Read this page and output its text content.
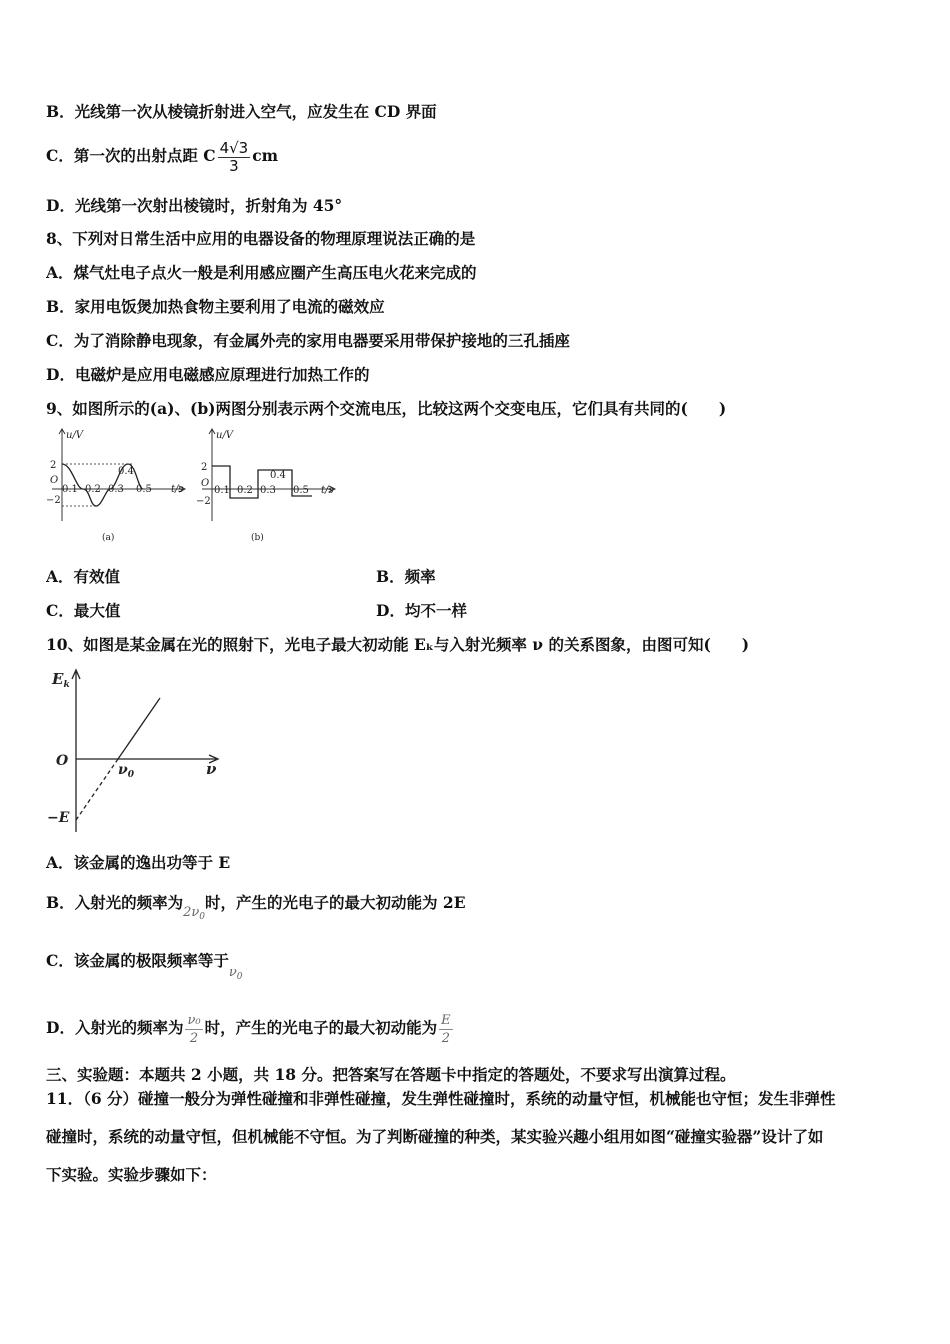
B．光线第一次从棱镜折射进入空气，应发生在 CD 界面
C．第一次的出射点距 C $\frac{4√3}{3}$ cm
D．光线第一次射出棱镜时，折射角为 45°
8、下列对日常生活中应用的电器设备的物理原理说法正确的是
A．煤气灶电子点火一般是利用感应圈产生高压电火花来完成的
B．家用电饭煲加热食物主要利用了电流的磁效应
C．为了消除静电现象，有金属外壳的家用电器要采用带保护接地的三孔插座
D．电磁炉是应用电磁感应原理进行加热工作的
9、如图所示的(a)、(b)两图分别表示两个交流电压，比较这两个交变电压，它们具有共同的(　　)
u/V
2
O
−2
0.1 0.2 0.3
0.4
0.5 t/s
(a)
u/V
2
O
−2
0.1 0.2 0.3
0.4
0.5 t/s
(b)
A．有效值	B．频率
C．最大值	D．均不一样
10、如图是某金属在光的照射下，光电子最大初动能 Eₖ与入射光频率 ν 的关系图象，由图可知(　　)
$E_k$
O	ν
$\nu_0$
−E
A．该金属的逸出功等于 E
B．入射光的频率为$_{2\nu_0}$时，产生的光电子的最大初动能为 2E
C．该金属的极限频率等于$_{\nu_0}$
D．入射光的频率为 $\frac{\text{ν₀}}{2}$ 时，产生的光电子的最大初动能为 $\frac{E}{2}$
三、实验题：本题共 2 小题，共 18 分。把答案写在答题卡中指定的答题处，不要求写出演算过程。
11．（6 分）碰撞一般分为弹性碰撞和非弹性碰撞，发生弹性碰撞时，系统的动量守恒，机械能也守恒；发生非弹性
碰撞时，系统的动量守恒，但机械能不守恒。为了判断碰撞的种类，某实验兴趣小组用如图“碰撞实验器”设计了如
下实验。实验步骤如下：
